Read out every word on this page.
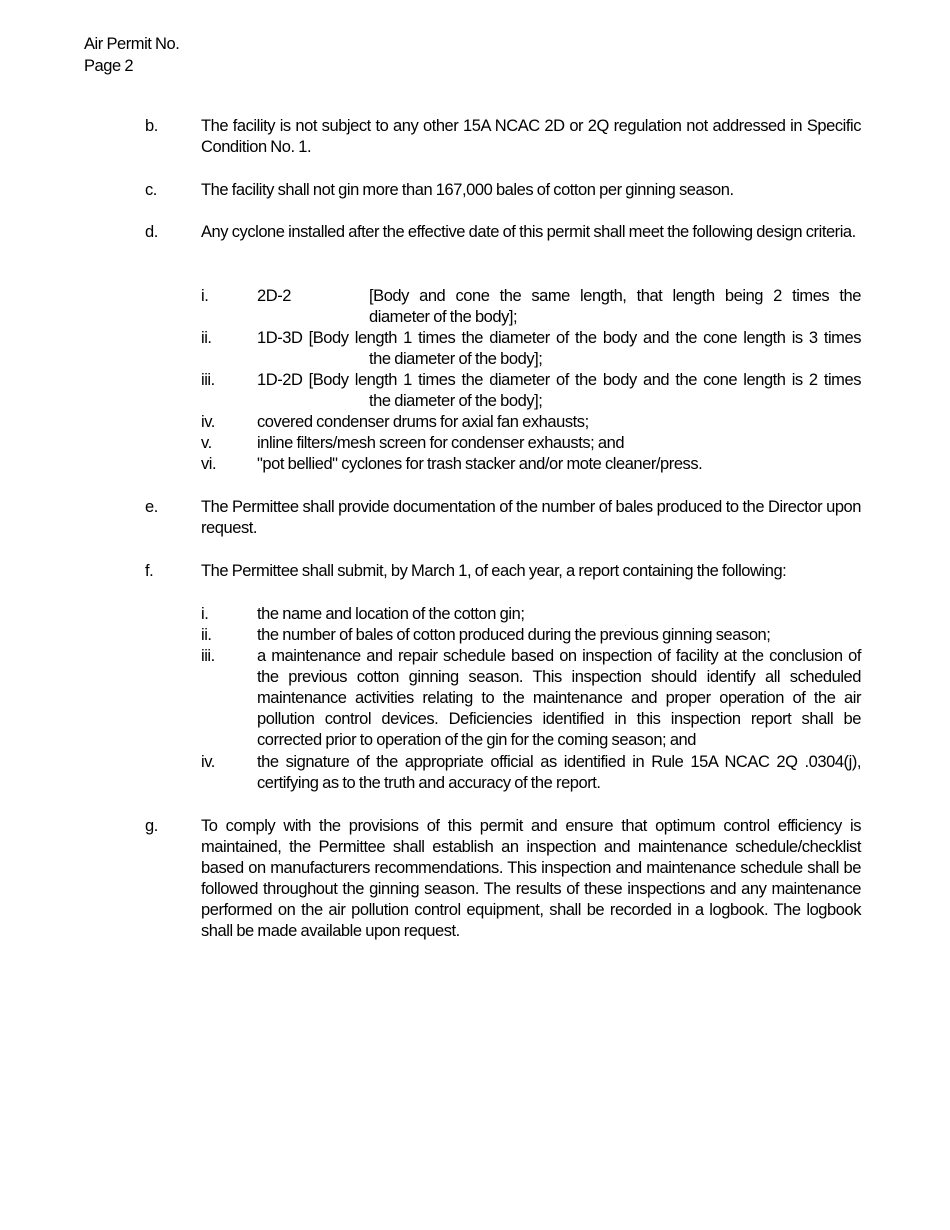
Air Permit No.
Page 2
b.	The facility is not subject to any other 15A NCAC 2D or 2Q regulation not addressed in Specific Condition No. 1.
c.	The facility shall not gin more than 167,000 bales of cotton per ginning season.
d.	Any cyclone installed after the effective date of this permit shall meet the following design criteria.
i.	2D-2	[Body and cone the same length, that length being 2 times the
diameter of the body];
ii.	1D-3D [Body length 1 times the diameter of the body and the cone length is 3 times
the diameter of the body];
iii.	1D-2D [Body length 1 times the diameter of the body and the cone length is 2 times
the diameter of the body];
iv.	covered condenser drums for axial fan exhausts;
v.	inline filters/mesh screen for condenser exhausts; and
vi. "pot bellied" cyclones for trash stacker and/or mote cleaner/press.
e.	The Permittee shall provide documentation of the number of bales produced to the Director upon request.
f.	The Permittee shall submit, by March 1, of each year, a report containing the following:
i.	the name and location of the cotton gin;
ii.	the number of bales of cotton produced during the previous ginning season;
iii.	a maintenance and repair schedule based on inspection of facility at the conclusion of the previous cotton ginning season. This inspection should identify all scheduled maintenance activities relating to the maintenance and proper operation of the air pollution control devices. Deficiencies identified in this inspection report shall be corrected prior to operation of the gin for the coming season; and
iv.	the signature of the appropriate official as identified in Rule 15A NCAC 2Q .0304(j), certifying as to the truth and accuracy of the report.
g.	To comply with the provisions of this permit and ensure that optimum control efficiency is maintained, the Permittee shall establish an inspection and maintenance schedule/checklist based on manufacturers recommendations. This inspection and maintenance schedule shall be followed throughout the ginning season. The results of these inspections and any maintenance performed on the air pollution control equipment, shall be recorded in a logbook. The logbook shall be made available upon request.
